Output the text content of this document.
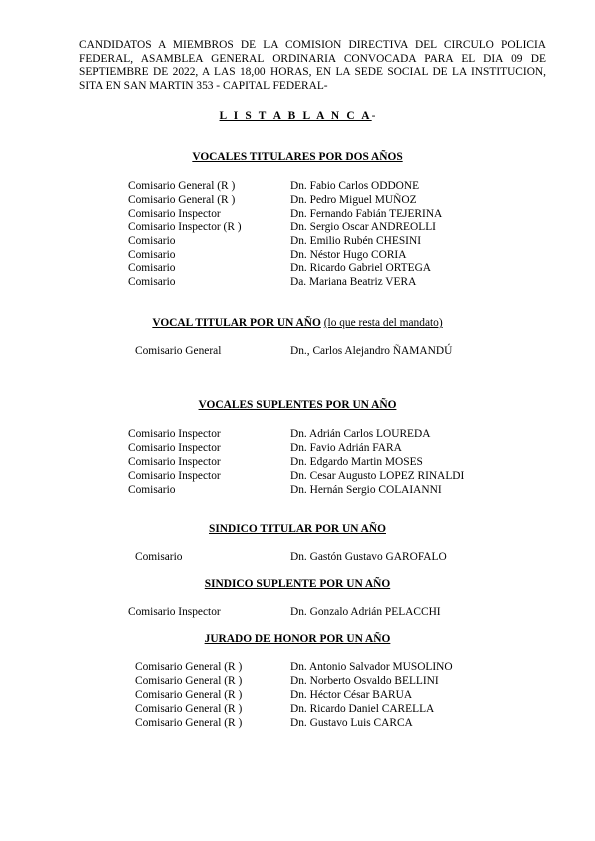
CANDIDATOS A MIEMBROS DE LA COMISION DIRECTIVA DEL CIRCULO POLICIA FEDERAL, ASAMBLEA GENERAL ORDINARIA CONVOCADA PARA EL DIA 09 DE SEPTIEMBRE DE 2022, A LAS 18,00 HORAS, EN LA SEDE SOCIAL DE LA INSTITUCION, SITA EN SAN MARTIN 353 - CAPITAL FEDERAL-
L I S T A B L A N C A-
VOCALES TITULARES POR DOS AÑOS
Comisario General (R )	Dn. Fabio Carlos ODDONE
Comisario General (R )	Dn. Pedro Miguel MUÑOZ
Comisario Inspector	Dn. Fernando Fabián TEJERINA
Comisario Inspector (R )	Dn. Sergio Oscar ANDREOLLI
Comisario	Dn. Emilio Rubén CHESINI
Comisario	Dn. Néstor Hugo CORIA
Comisario	Dn. Ricardo Gabriel ORTEGA
Comisario	Da. Mariana Beatriz VERA
VOCAL TITULAR POR UN AÑO (lo que resta del mandato)
Comisario General	Dn., Carlos Alejandro ÑAMANDÚ
VOCALES SUPLENTES POR UN AÑO
Comisario Inspector	Dn. Adrián Carlos LOUREDA
Comisario Inspector	Dn. Favio Adrián FARA
Comisario Inspector	Dn. Edgardo Martin MOSES
Comisario Inspector	Dn. Cesar Augusto LOPEZ RINALDI
Comisario	Dn. Hernán Sergio COLAIANNI
SINDICO TITULAR POR UN AÑO
Comisario	Dn. Gastón Gustavo GAROFALO
SINDICO SUPLENTE POR UN AÑO
Comisario Inspector	Dn. Gonzalo Adrián PELACCHI
JURADO DE HONOR POR UN AÑO
Comisario General (R )	Dn. Antonio Salvador MUSOLINO
Comisario General (R )	Dn. Norberto Osvaldo BELLINI
Comisario General (R )	Dn. Héctor César BARUA
Comisario General (R )	Dn. Ricardo Daniel CARELLA
Comisario General (R )	Dn. Gustavo Luis CARCA
